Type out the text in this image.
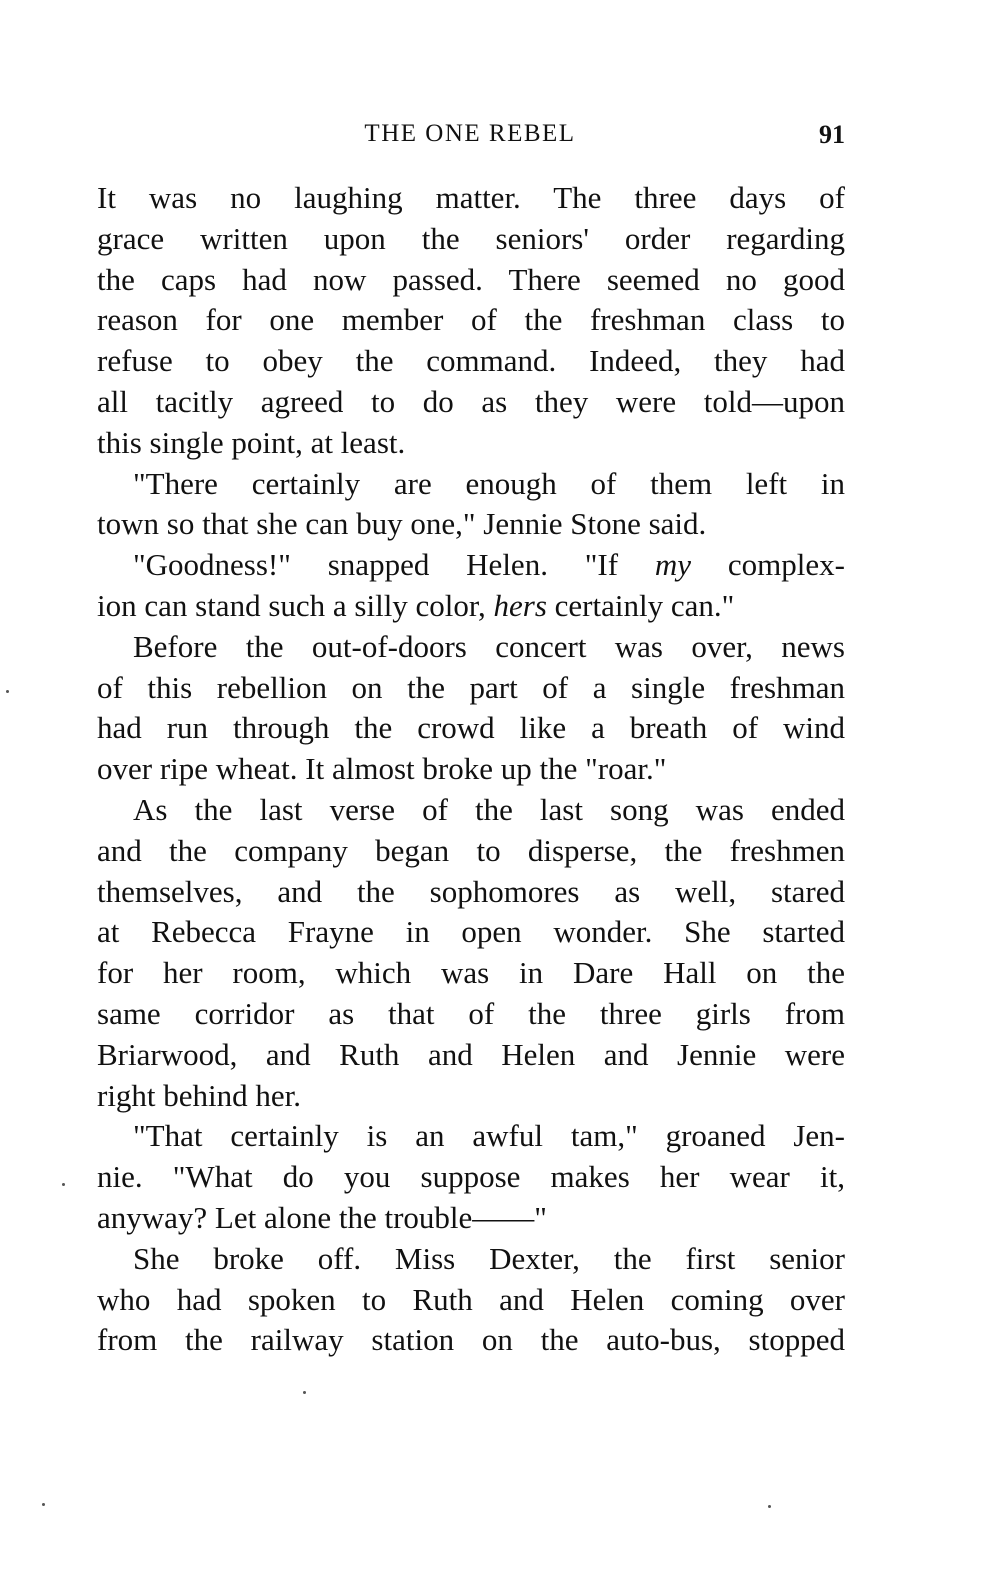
THE ONE REBEL	91
It was no laughing matter. The three days of
grace written upon the seniors' order regarding
the caps had now passed. There seemed no good
reason for one member of the freshman class to
refuse to obey the command. Indeed, they had
all tacitly agreed to do as they were told—upon
this single point, at least.
"There certainly are enough of them left in
town so that she can buy one," Jennie Stone said.
"Goodness!" snapped Helen. "If my complex-
ion can stand such a silly color, hers certainly can."
Before the out-of-doors concert was over, news
of this rebellion on the part of a single freshman
had run through the crowd like a breath of wind
over ripe wheat. It almost broke up the "roar."
As the last verse of the last song was ended
and the company began to disperse, the freshmen
themselves, and the sophomores as well, stared
at Rebecca Frayne in open wonder. She started
for her room, which was in Dare Hall on the
same corridor as that of the three girls from
Briarwood, and Ruth and Helen and Jennie were
right behind her.
"That certainly is an awful tam," groaned Jen-
nie. "What do you suppose makes her wear it,
anyway? Let alone the trouble——"
She broke off. Miss Dexter, the first senior
who had spoken to Ruth and Helen coming over
from the railway station on the auto-bus, stopped
